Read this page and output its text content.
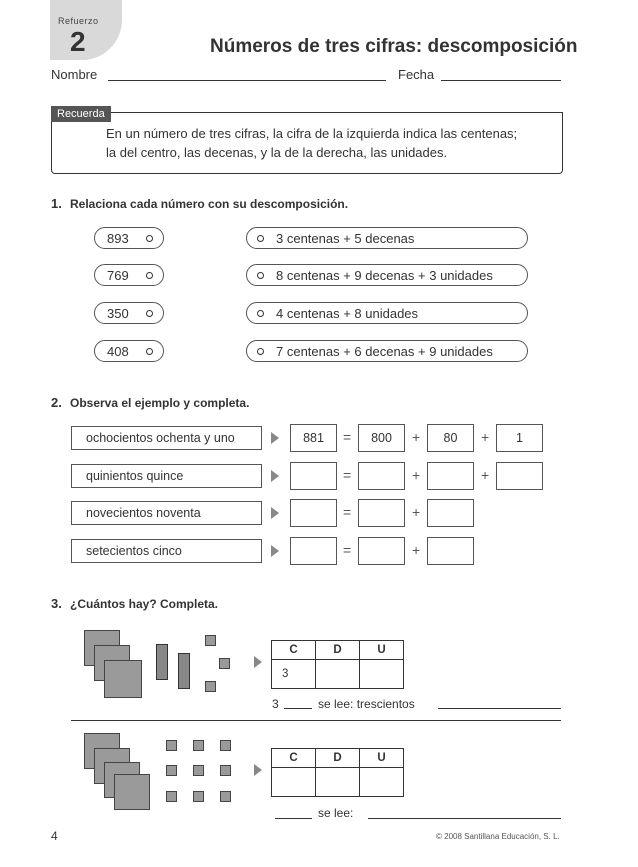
Refuerzo
2	Números de tres cifras: descomposición
Nombre	Fecha
Recuerda
En un número de tres cifras, la cifra de la izquierda indica las centenas;
la del centro, las decenas, y la de la derecha, las unidades.
1. Relaciona cada número con su descomposición.
893
769
350
408
3 centenas + 5 decenas
8 centenas + 9 decenas + 3 unidades
4 centenas + 8 unidades
7 centenas + 6 decenas + 9 unidades
2. Observa el ejemplo y completa.
ochocientos ochenta y uno	881	=	800	+	80	+	1
quinientos quince	=	+	+
novecientos noventa	=	+
setecientos cinco	=	+
3. ¿Cuántos hay? Completa.
C	D	U
3		
3	se lee: trescientos
C	D	U

se lee:
4	© 2008 Santillana Educación, S. L.
